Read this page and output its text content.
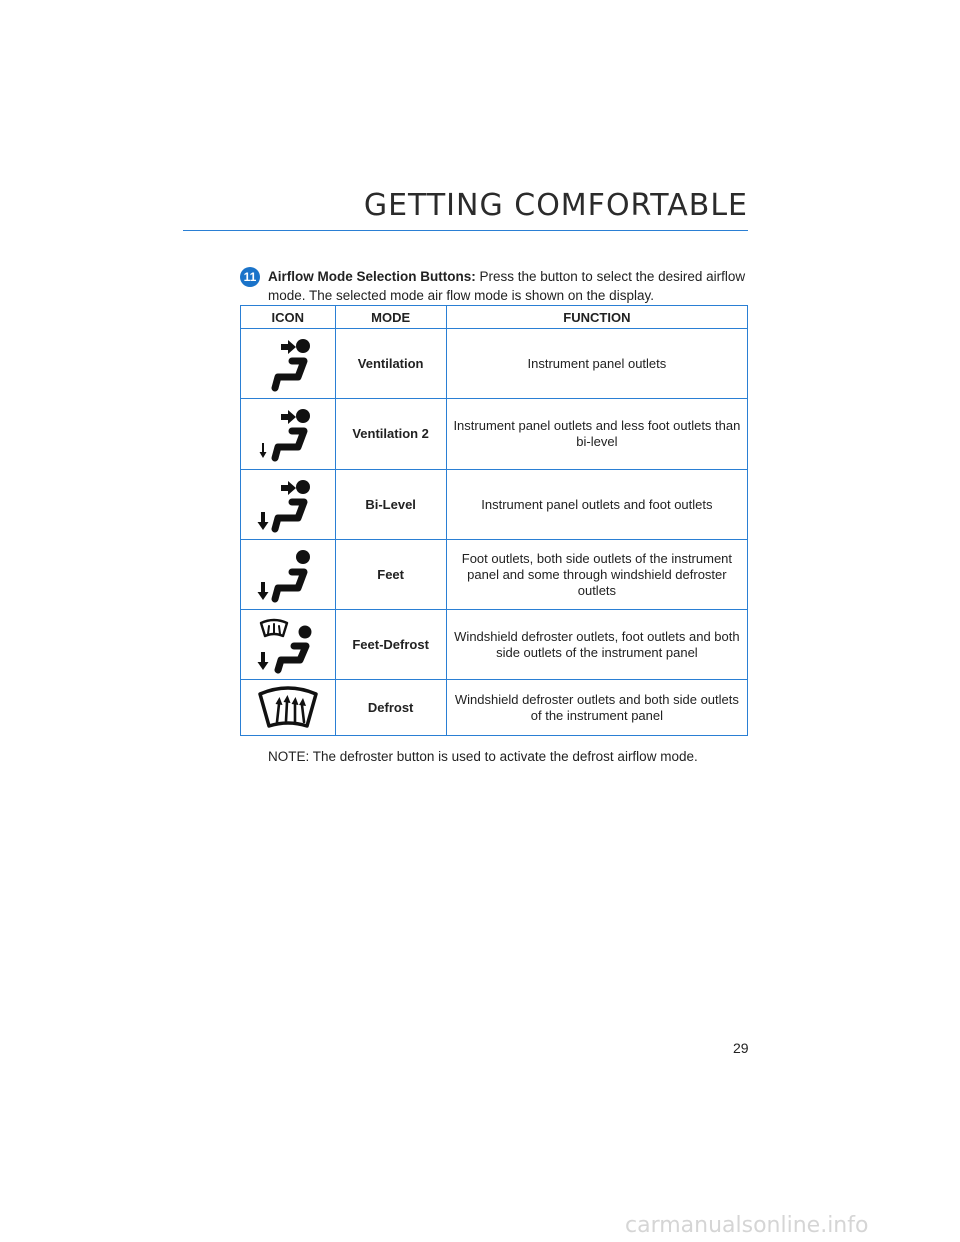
GETTING COMFORTABLE
11 Airflow Mode Selection Buttons: Press the button to select the desired airflow mode. The selected mode air flow mode is shown on the display.
ICON	MODE	FUNCTION

	Ventilation	Instrument panel outlets

	Ventilation 2	Instrument panel outlets and less foot outlets than bi-level

	Bi-Level	Instrument panel outlets and foot outlets

	Feet	Foot outlets, both side outlets of the instrument panel and some through windshield defroster outlets

	Feet-Defrost	Windshield defroster outlets, foot outlets and both side outlets of the instrument panel

	Defrost	Windshield defroster outlets and both side outlets of the instrument panel
NOTE: The defroster button is used to activate the defrost airflow mode.
29
carmanualsonline.info
